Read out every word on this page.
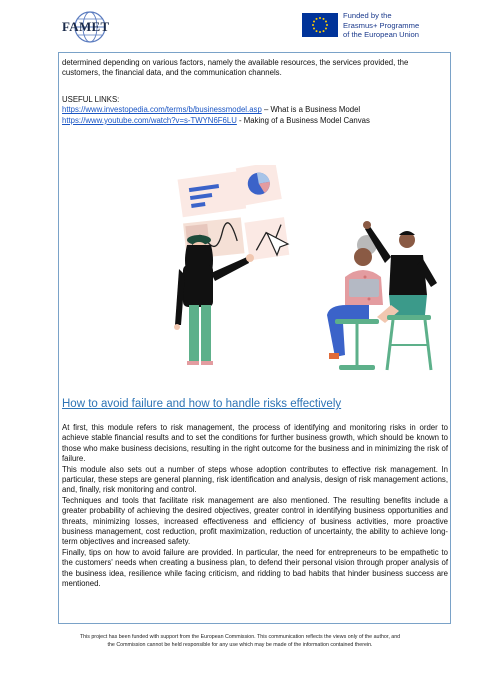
FAMET
Funded by the
Erasmus+ Programme
of the European Union
determined depending on various factors, namely the available resources, the services provided, the customers, the financial data, and the communication channels.
USEFUL LINKS:
https://www.investopedia.com/terms/b/businessmodel.asp – What is a Business Model
https://www.youtube.com/watch?v=s-TWYN6F6LU - Making of a Business Model Canvas
How to avoid failure and how to handle risks effectively

At first, this module refers to risk management, the process of identifying and monitoring risks in order to achieve stable financial results and to set the conditions for further business growth, which should be known to those who make business decisions, resulting in the right outcome for the business and in minimizing the risk of failure.

This module also sets out a number of steps whose adoption contributes to effective risk management. In particular, these steps are general planning, risk identification and analysis, design of risk management actions, and, finally, risk monitoring and control.

Techniques and tools that facilitate risk management are also mentioned. The resulting benefits include a greater probability of achieving the desired objectives, greater control in identifying business opportunities and threats, minimizing losses, increased effectiveness and efficiency of business activities, more proactive business management, cost reduction, profit maximization, reduction of uncertainty, the ability to achieve long-term objectives and increased safety.

Finally, tips on how to avoid failure are provided. In particular, the need for entrepreneurs to be empathetic to the customers' needs when creating a business plan, to defend their personal vision through proper analysis of the business idea, resilience while facing criticism, and ridding to bad habits that hinder business success are mentioned.

This project has been funded with support from the European Commission. This communication reflects the views only of the author, and
the Commission cannot be held responsible for any use which may be made of the information contained therein.
